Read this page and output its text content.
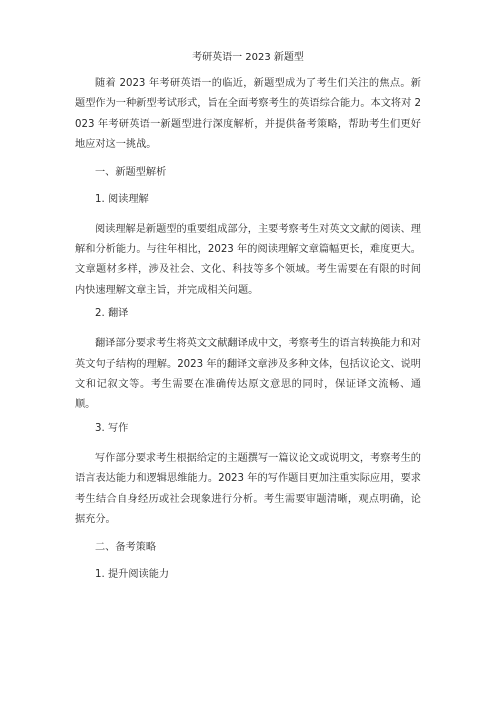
考研英语一 2023 新题型

随着 2023 年考研英语一的临近，新题型成为了考生们关注的焦点。新题型作为一种新型考试形式，旨在全面考察考生的英语综合能力。本文将对 2023 年考研英语一新题型进行深度解析，并提供备考策略，帮助考生们更好地应对这一挑战。

一、新题型解析
1. 阅读理解

阅读理解是新题型的重要组成部分，主要考察考生对英文文献的阅读、理解和分析能力。与往年相比，2023 年的阅读理解文章篇幅更长，难度更大。文章题材多样，涉及社会、文化、科技等多个领域。考生需要在有限的时间内快速理解文章主旨，并完成相关问题。

2. 翻译

翻译部分要求考生将英文文献翻译成中文，考察考生的语言转换能力和对英文句子结构的理解。2023 年的翻译文章涉及多种文体，包括议论文、说明文和记叙文等。考生需要在准确传达原文意思的同时，保证译文流畅、通顺。

3. 写作

写作部分要求考生根据给定的主题撰写一篇议论文或说明文，考察考生的语言表达能力和逻辑思维能力。2023 年的写作题目更加注重实际应用，要求考生结合自身经历或社会现象进行分析。考生需要审题清晰，观点明确，论据充分。

二、备考策略
1. 提升阅读能力
